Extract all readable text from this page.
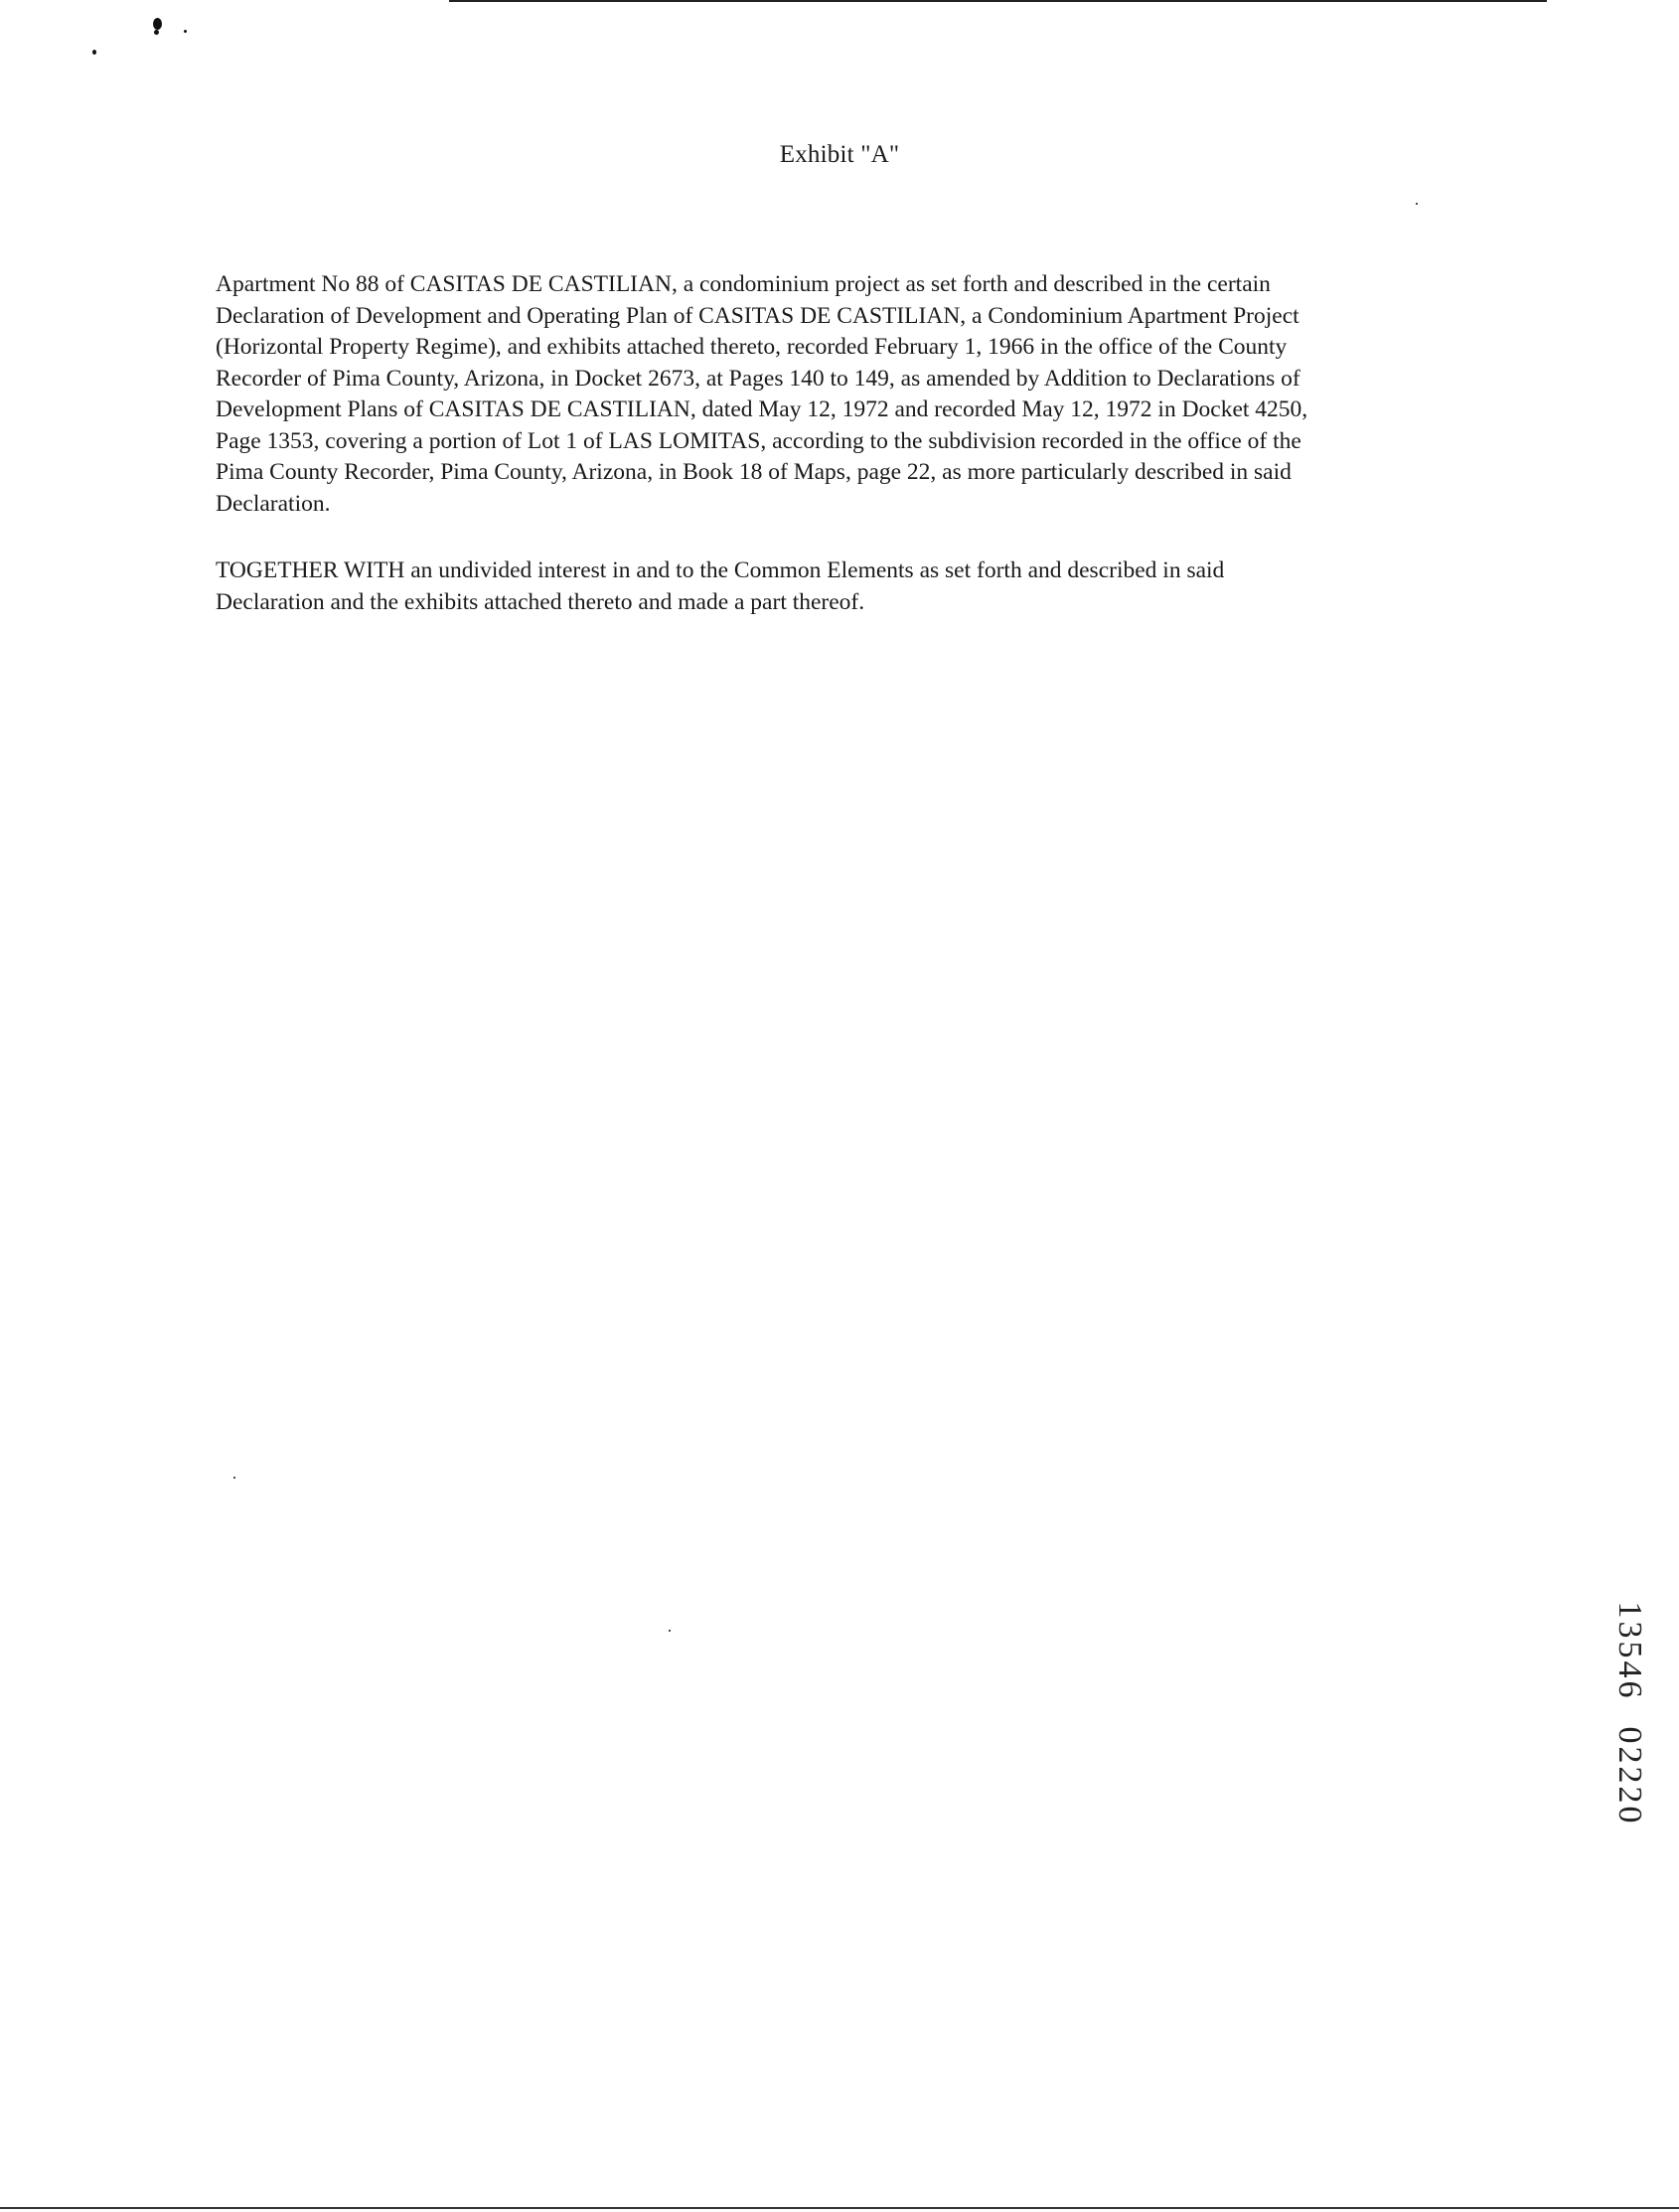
Exhibit "A"

Apartment No 88 of CASITAS DE CASTILIAN, a condominium project as set forth and described in the certain
Declaration of Development and Operating Plan of CASITAS DE CASTILIAN, a Condominium Apartment Project
(Horizontal Property Regime), and exhibits attached thereto, recorded February 1, 1966 in the office of the County
Recorder of Pima County, Arizona, in Docket 2673, at Pages 140 to 149, as amended by Addition to Declarations of
Development Plans of CASITAS DE CASTILIAN, dated May 12, 1972 and recorded May 12, 1972 in Docket 4250,
Page 1353, covering a portion of Lot 1 of LAS LOMITAS, according to the subdivision recorded in the office of the
Pima County Recorder, Pima County, Arizona, in Book 18 of Maps, page 22, as more particularly described in said
Declaration.

TOGETHER WITH an undivided interest in and to the Common Elements as set forth and described in said
Declaration and the exhibits attached thereto and made a part thereof.

1
3
5
4
6
0
2
2
2
0
